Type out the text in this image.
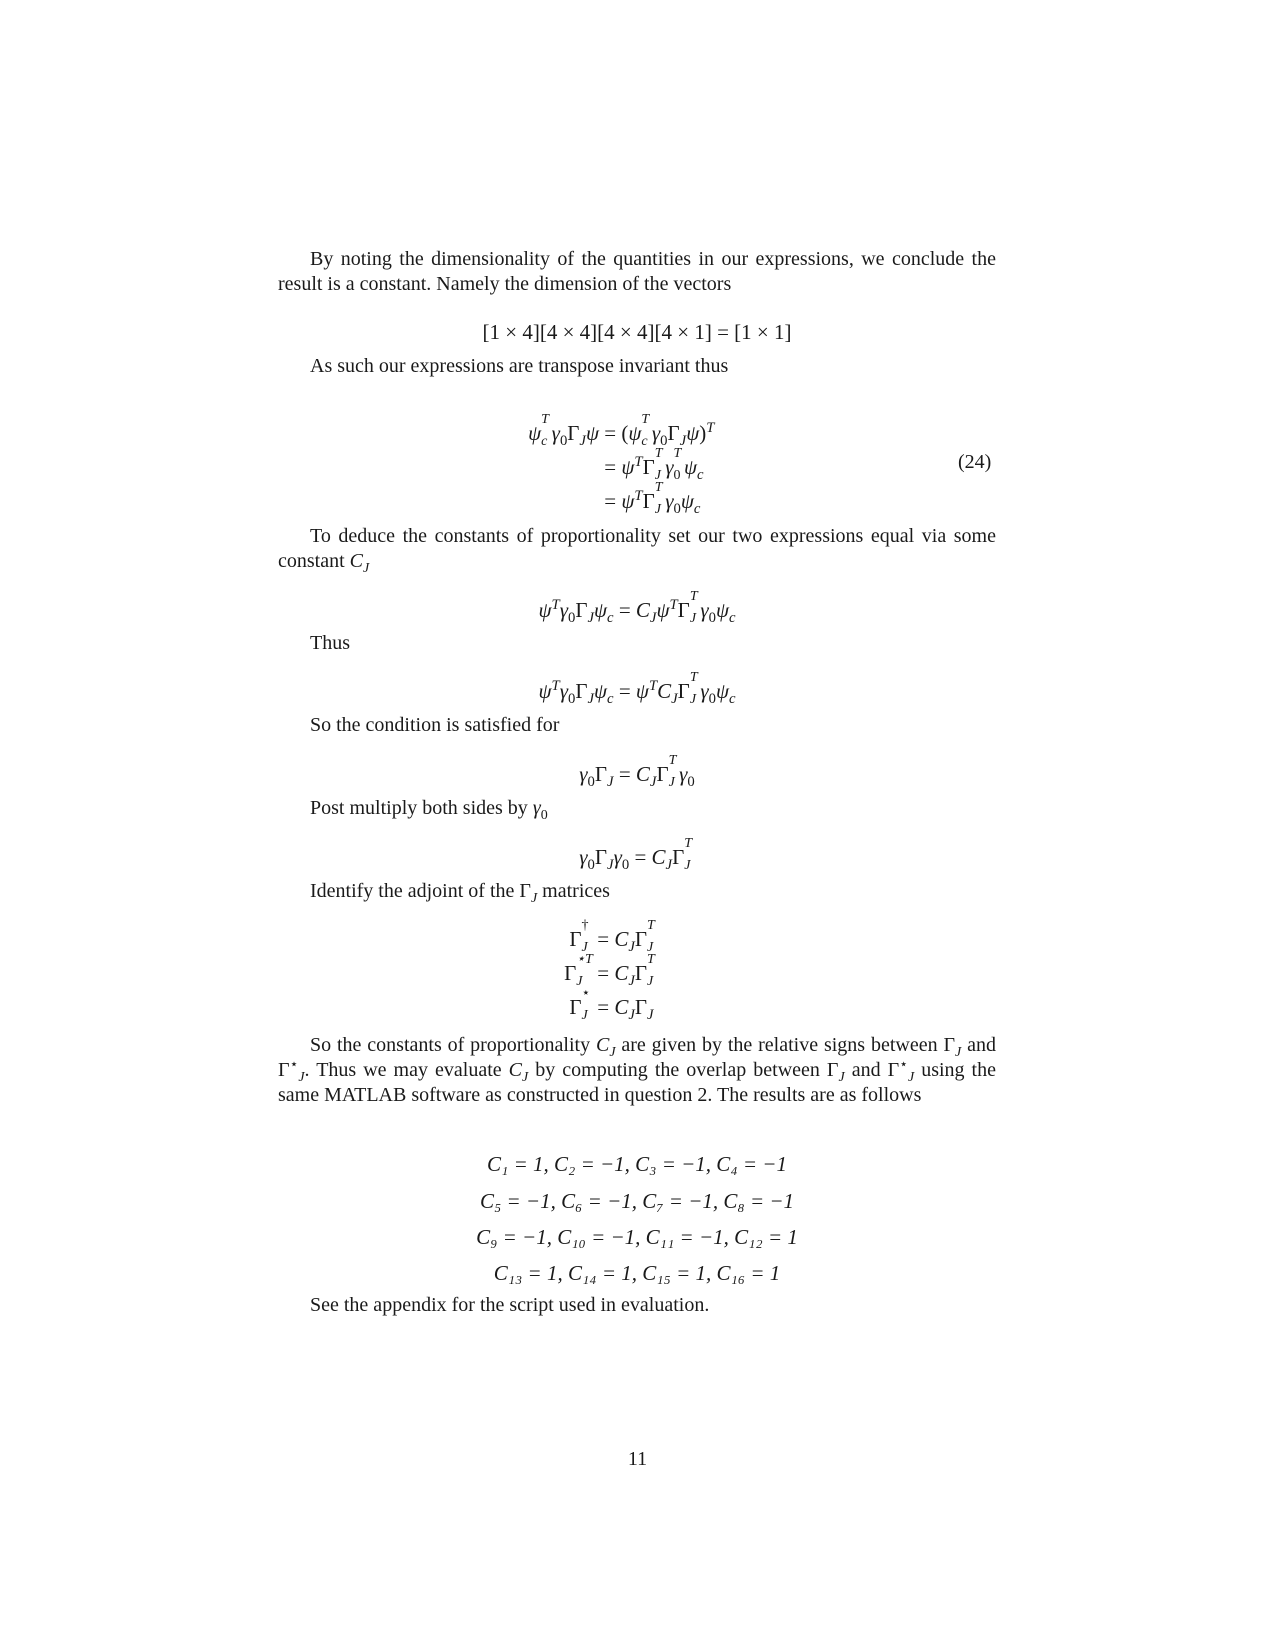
By noting the dimensionality of the quantities in our expressions, we conclude the result is a constant. Namely the dimension of the vectors
[1 × 4][4 × 4][4 × 4][4 × 1] = [1 × 1]
As such our expressions are transpose invariant thus
ψ
T
c $\gamma_0\Gamma_J\psi = (\psi$
T
c $\gamma_0\Gamma_J\psi)^T$
= $\psi^T\Gamma$
T
J γ
T
0 $\psi_c$
= $\psi^T\Gamma$
T
J $\gamma_0\psi_c$
(24)
To deduce the constants of proportionality set our two expressions equal via some constant $C_J$
$\psi^T\gamma_0\Gamma_J\psi_c = C_J\psi^T\Gamma$
T
J $\gamma_0\psi_c$
Thus
$\psi^T\gamma_0\Gamma_J\psi_c = \psi^TC_J\Gamma$
T
J $\gamma_0\psi_c$
So the condition is satisfied for
$\gamma_0\Gamma_J = C_J\Gamma$
T
J $\gamma_0$
Post multiply both sides by $\gamma_0$
$\gamma_0\Gamma_J\gamma_0 = C_J\Gamma$
T
J

Identify the adjoint of the $\Gamma_J$ matrices
Γ
†
J
= $C_J\Gamma$
T
J

Γ
⋆T
J
= $C_J\Gamma$
T
J

Γ
⋆
J
= $C_J\Gamma_J$
So the constants of proportionality $C_J$ are given by the relative signs between $\Gamma_J$ and $\Gamma^⋆_J$. Thus we may evaluate $C_J$ by computing the overlap between $\Gamma_J$ and $\Gamma^⋆_J$ using the same MATLAB software as constructed in question 2. The results are as follows
C₁ = 1, C₂ = −1, C₃ = −1, C₄ = −1
C₅ = −1, C₆ = −1, C₇ = −1, C₈ = −1
C₉ = −1, C₁₀ = −1, C₁₁ = −1, C₁₂ = 1
C₁₃ = 1, C₁₄ = 1, C₁₅ = 1, C₁₆ = 1
See the appendix for the script used in evaluation.
11
